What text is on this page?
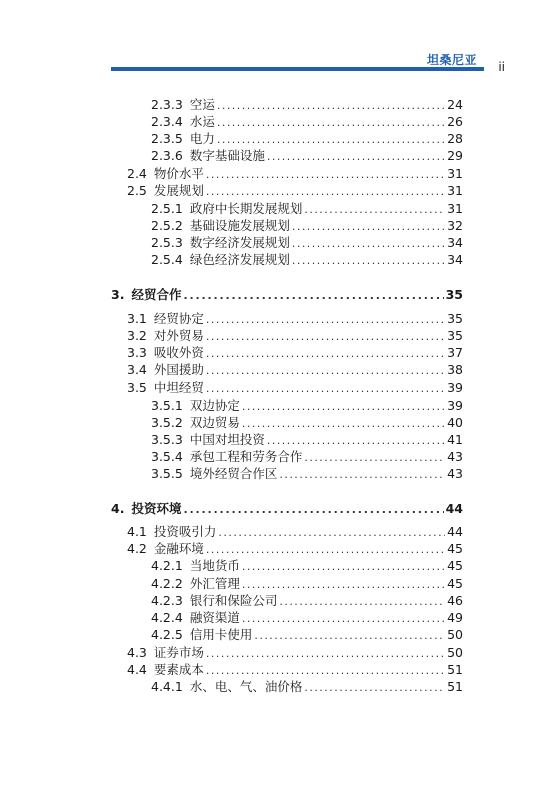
坦桑尼亚 ii
2.3.3 空运 . . .	24
2.3.4 水运 . . .	26
2.3.5 电力 . . .	28
2.3.6 数字基础设施 . . .	29
2.4 物价水平 . . .	31
2.5 发展规划 . . .	31
2.5.1 政府中长期发展规划 . . .	31
2.5.2 基础设施发展规划 . . .	32
2.5.3 数字经济发展规划 . . .	34
2.5.4 绿色经济发展规划 . . .	34
3. 经贸合作 . . .	35
3.1 经贸协定 . . .	35
3.2 对外贸易 . . .	35
3.3 吸收外资 . . .	37
3.4 外国援助 . . .	38
3.5 中坦经贸 . . .	39
3.5.1 双边协定 . . .	39
3.5.2 双边贸易 . . .	40
3.5.3 中国对坦投资 . . .	41
3.5.4 承包工程和劳务合作 . . .	43
3.5.5 境外经贸合作区 . . .	43
4. 投资环境 . . .	44
4.1 投资吸引力 . . .	44
4.2 金融环境 . . .	45
4.2.1 当地货币 . . .	45
4.2.2 外汇管理 . . .	45
4.2.3 银行和保险公司 . . .	46
4.2.4 融资渠道 . . .	49
4.2.5 信用卡使用 . . .	50
4.3 证券市场 . . .	50
4.4 要素成本 . . .	51
4.4.1 水、电、气、油价格 . . .	51
